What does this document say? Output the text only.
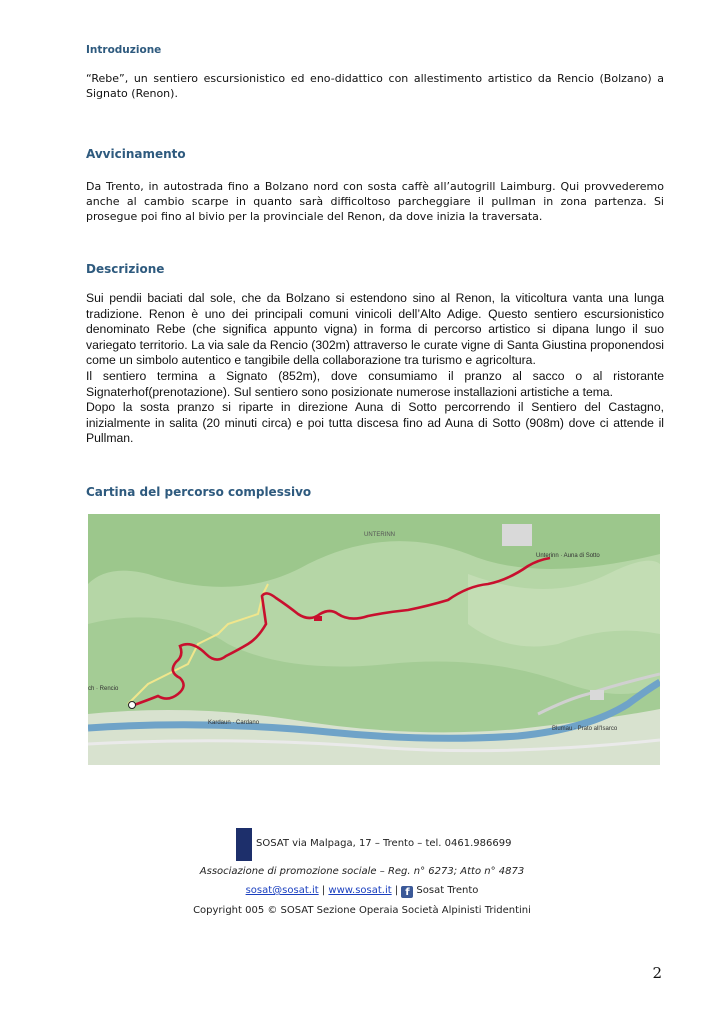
Introduzione

“Rebe”, un sentiero escursionistico ed eno-didattico con allestimento artistico da Rencio (Bolzano) a Signato (Renon).

Avvicinamento

Da Trento, in autostrada fino a Bolzano nord con sosta caffè all’autogrill Laimburg. Qui provvederemo anche al cambio scarpe in quanto sarà difficoltoso parcheggiare il pullman in zona partenza. Si prosegue poi fino al bivio per la provinciale del Renon, da dove inizia la traversata.

Descrizione
Sui pendii baciati dal sole, che da Bolzano si estendono sino al Renon, la viticoltura vanta una lunga tradizione. Renon è uno dei principali comuni vinicoli dell’Alto Adige. Questo sentiero escursionistico denominato Rebe (che significa appunto vigna) in forma di percorso artistico si dipana lungo il suo variegato territorio. La via sale da Rencio (302m) attraverso le curate vigne di Santa Giustina proponendosi come un simbolo autentico e tangibile della collaborazione tra turismo e agricoltura.
Il sentiero termina a Signato (852m), dove consumiamo il pranzo al sacco o al ristorante Signaterhof(prenotazione). Sul sentiero sono posizionate numerose installazioni artistiche a tema.
Dopo la sosta pranzo si riparte in direzione Auna di Sotto percorrendo il Sentiero del Castagno, inizialmente in salita (20 minuti circa) e poi tutta discesa fino ad Auna di Sotto (908m) dove ci attende il Pullman.
Cartina del percorso complessivo
ch · Rencio
Unterinn · Auna di Sotto
UNTERINN
Kardaun · Cardano
Blumau · Prato all'Isarco
SOSAT via Malpaga, 17 – Trento – tel. 0461.986699
Associazione di promozione sociale – Reg. n° 6273; Atto n° 4873
sosat@sosat.it | www.sosat.it | f Sosat Trento
Copyright 005 © SOSAT Sezione Operaia Società Alpinisti Tridentini
2
